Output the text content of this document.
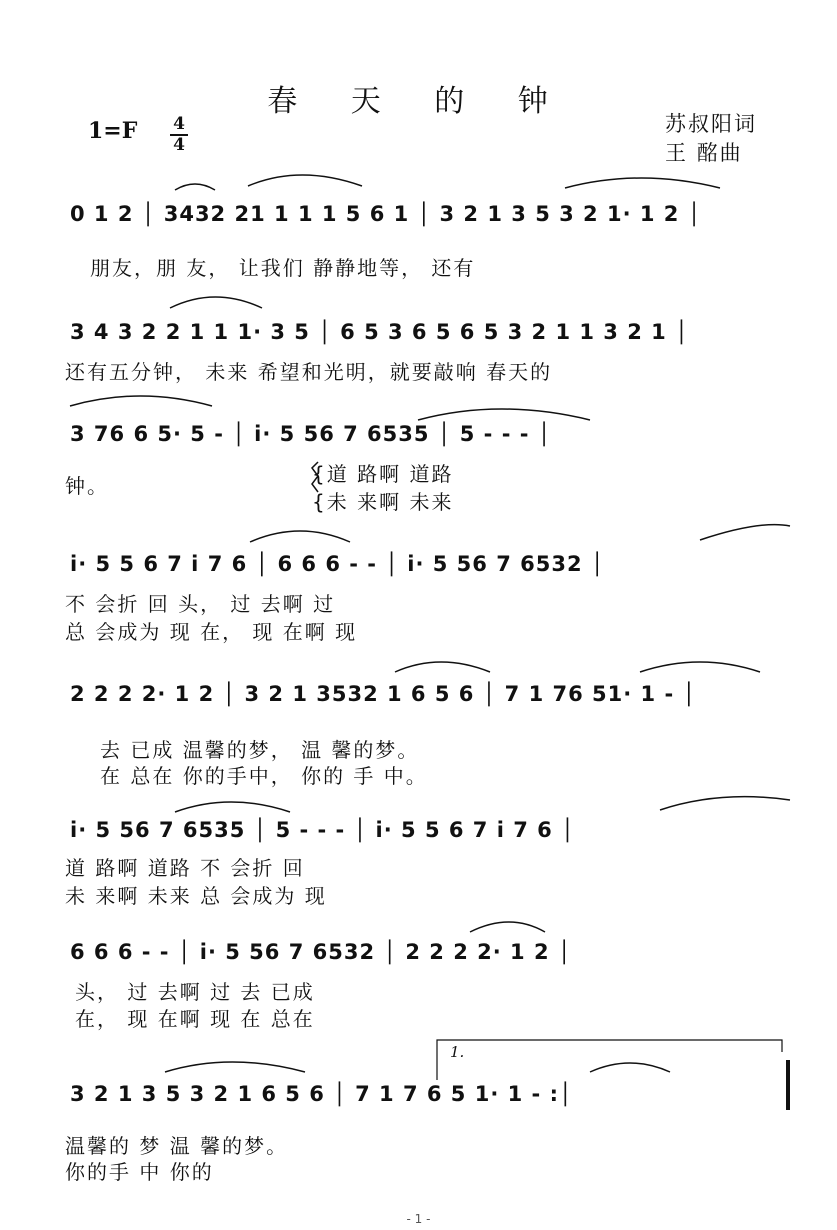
春 天 的 钟
苏叔阳词
王 酩曲
1=F 4
4
0 1 2 │ 3432 21 1 1 1 5 6 1 │ 3 2 1 3 5 3 2 1· 1 2 │
朋友，朋 友， 让我们 静静地等， 还有
3 4 3 2 2 1 1 1· 3 5 │ 6 5 3 6 5 6 5 3 2 1 1 3 2 1 │
还有五分钟， 未来 希望和光明，就要敲响 春天的
3 76 6 5· 5 - │ i· 5 56 7 6535 │ 5 - - - │
钟。	{道 路啊 道路
{未 来啊 未来
i· 5 5 6 7 i 7 6 │ 6 6 6 - - │ i· 5 56 7 6532 │
不 会折 回 头， 过 去啊 过
总 会成为 现 在， 现 在啊 现
2 2 2 2· 1 2 │ 3 2 1 3532 1 6 5 6 │ 7 1 76 51· 1 - │
去 已成 温馨的梦， 温 馨的梦。
在 总在 你的手中， 你的 手 中。
i· 5 56 7 6535 │ 5 - - - │ i· 5 5 6 7 i 7 6 │
道 路啊 道路 不 会折 回
未 来啊 未来 总 会成为 现
6 6 6 - - │ i· 5 56 7 6532 │ 2 2 2 2· 1 2 │
头， 过 去啊 过 去 已成
在， 现 在啊 现 在 总在
3 2 1 3 5 3 2 1 6 5 6 │ 7 1 7 6 5 1· 1 - :│
温馨的 梦 温 馨的梦。
你的手 中 你的
1.
- 1 -
